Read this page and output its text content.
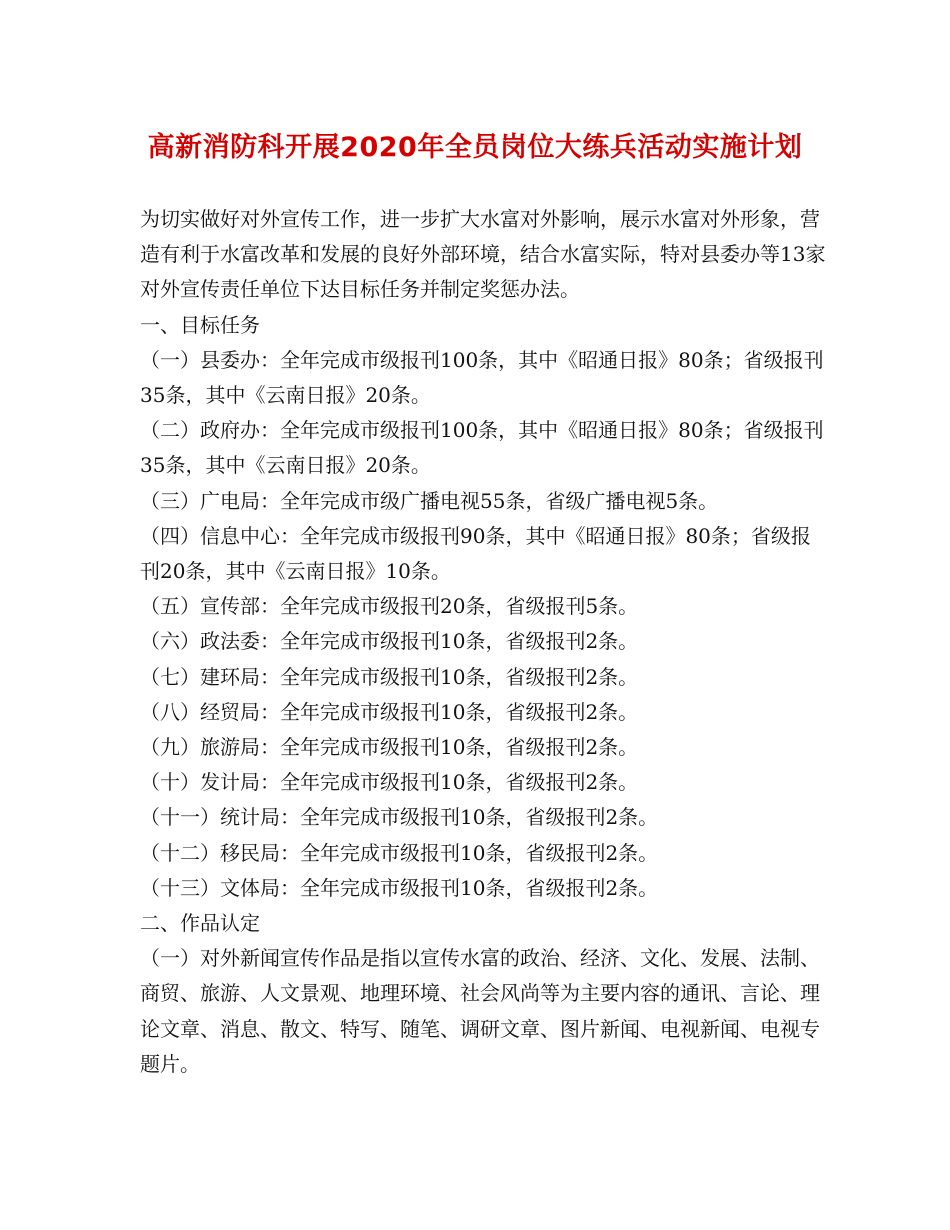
高新消防科开展2020年全员岗位大练兵活动实施计划

为切实做好对外宣传工作，进一步扩大水富对外影响，展示水富对外形象，营造有利于水富改革和发展的良好外部环境，结合水富实际，特对县委办等13家对外宣传责任单位下达目标任务并制定奖惩办法。

一、目标任务

（一）县委办：全年完成市级报刊100条，其中《昭通日报》80条；省级报刊35条，其中《云南日报》20条。

（二）政府办：全年完成市级报刊100条，其中《昭通日报》80条；省级报刊35条，其中《云南日报》20条。

（三）广电局：全年完成市级广播电视55条，省级广播电视5条。

（四）信息中心：全年完成市级报刊90条，其中《昭通日报》80条；省级报刊20条，其中《云南日报》10条。

（五）宣传部：全年完成市级报刊20条，省级报刊5条。

（六）政法委：全年完成市级报刊10条，省级报刊2条。

（七）建环局：全年完成市级报刊10条，省级报刊2条。

（八）经贸局：全年完成市级报刊10条，省级报刊2条。

（九）旅游局：全年完成市级报刊10条，省级报刊2条。

（十）发计局：全年完成市级报刊10条，省级报刊2条。

（十一）统计局：全年完成市级报刊10条，省级报刊2条。

（十二）移民局：全年完成市级报刊10条，省级报刊2条。

（十三）文体局：全年完成市级报刊10条，省级报刊2条。

二、作品认定

（一）对外新闻宣传作品是指以宣传水富的政治、经济、文化、发展、法制、商贸、旅游、人文景观、地理环境、社会风尚等为主要内容的通讯、言论、理论文章、消息、散文、特写、随笔、调研文章、图片新闻、电视新闻、电视专题片。
